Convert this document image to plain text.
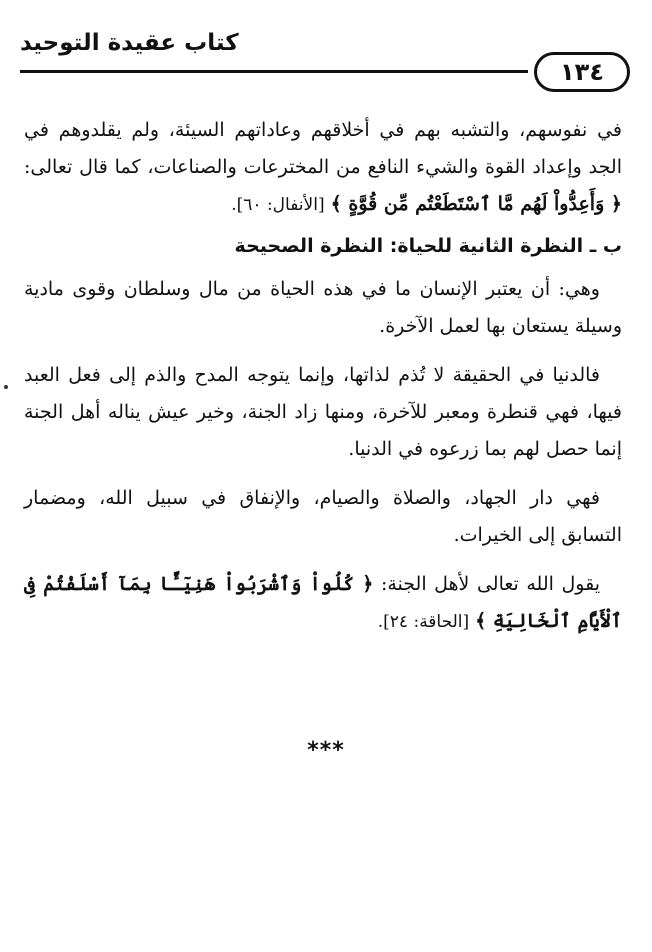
كتاب عقيدة التوحيد
١٣٤

في نفوسهم، والتشبه بهم في أخلاقهم وعاداتهم السيئة، ولم يقلدوهم في الجد وإعداد القوة والشيء النافع من المخترعات والصناعات، كما قال تعالى: ﴿ وَأَعِدُّواْ لَهُم مَّا ٱسْتَطَعْتُم مِّن قُوَّةٍ ﴾ [الأنفال: ٦٠].

ب ـ النظرة الثانية للحياة: النظرة الصحيحة

وهي: أن يعتبر الإنسان ما في هذه الحياة من مال وسلطان وقوى مادية وسيلة يستعان بها لعمل الآخرة.

فالدنيا في الحقيقة لا تُذم لذاتها، وإنما يتوجه المدح والذم إلى فعل العبد فيها، فهي قنطرة ومعبر للآخرة، ومنها زاد الجنة، وخير عيش يناله أهل الجنة إنما حصل لهم بما زرعوه في الدنيا.

فهي دار الجهاد، والصلاة والصيام، والإنفاق في سبيل الله، ومضمار التسابق إلى الخيرات.

يقول الله تعالى لأهل الجنة: ﴿ كُلُواْ وَٱشْرَبُواْ هَنِيٓـًٔا بِمَآ أَسْلَفْتُمْ فِى ٱلْأَيَّامِ ٱلْخَالِيَةِ ﴾ [الحاقة: ٢٤].

***
